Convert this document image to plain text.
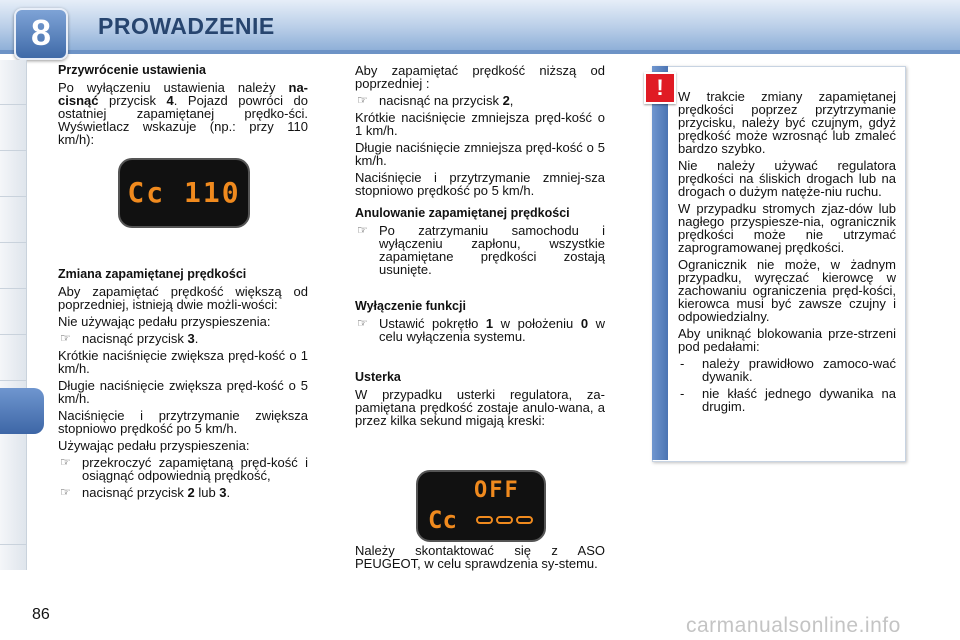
8	PROWADZENIE
Przywrócenie ustawienia

Po wyłączeniu ustawienia należy na-cisnąć przycisk 4. Pojazd powróci do ostatniej zapamiętanej prędko-ści. Wyświetlacz wskazuje (np.: przy 110 km/h):

Zmiana zapamiętanej prędkości

Aby zapamiętać prędkość większą od poprzedniej, istnieją dwie możli-wości:

Nie używając pedału przyspieszenia:

☞ nacisnąć przycisk 3.

Krótkie naciśnięcie zwiększa pręd-kość o 1 km/h.

Długie naciśnięcie zwiększa pręd-kość o 5 km/h.

Naciśnięcie i przytrzymanie zwiększa stopniowo prędkość po 5 km/h.

Używając pedału przyspieszenia:

☞ przekroczyć zapamiętaną pręd-kość i osiągnąć odpowiednią prędkość,
☞ nacisnąć przycisk 2 lub 3.
Cc 110

Aby zapamiętać prędkość niższą od poprzedniej :

☞ nacisnąć na przycisk 2,

Krótkie naciśnięcie zmniejsza pręd-kość o 1 km/h.

Długie naciśnięcie zmniejsza pręd-kość o 5 km/h.

Naciśnięcie i przytrzymanie zmniej-sza stopniowo prędkość po 5 km/h.

Anulowanie zapamiętanej prędkości
☞ Po zatrzymaniu samochodu i wyłączeniu zapłonu, wszystkie zapamiętane prędkości zostają usunięte.
Wyłączenie funkcji
☞ Ustawić pokrętło 1 w położeniu 0 w celu wyłączenia systemu.
Usterka

W przypadku usterki regulatora, za-pamiętana prędkość zostaje anulo-wana, a przez kilka sekund migają kreski:

OFF
Cc

Należy skontaktować się z ASO PEUGEOT, w celu sprawdzenia sy-stemu.

!	W trakcie zmiany zapamiętanej prędkości poprzez przytrzymanie przycisku, należy być czujnym, gdyż prędkość może wzrosnąć lub zmaleć bardzo szybko.

Nie należy używać regulatora prędkości na śliskich drogach lub na drogach o dużym natęże-niu ruchu.

W przypadku stromych zjaz-dów lub nagłego przyspiesze-nia, ogranicznik prędkości może nie utrzymać zaprogramowanej prędkości.

Ogranicznik nie może, w żadnym przypadku, wyręczać kierowcę w zachowaniu ograniczenia pręd-kości, kierowca musi być zawsze czujny i odpowiedzialny.

Aby uniknąć blokowania prze-strzeni pod pedałami:

- należy prawidłowo zamoco-wać dywanik.
- nie kłaść jednego dywanika na drugim.
86	carmanualsonline.info
